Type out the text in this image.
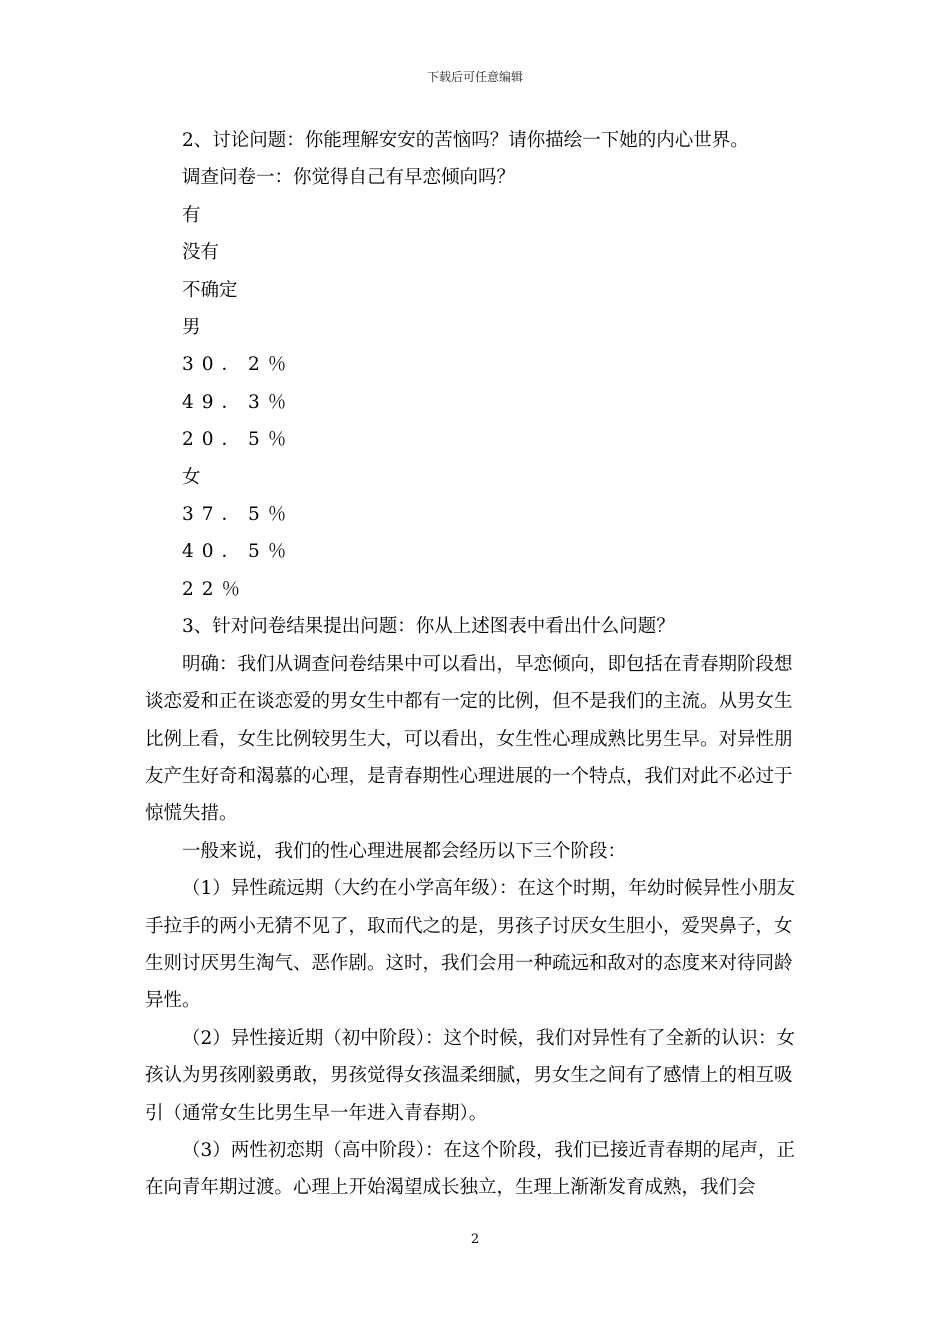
下载后可任意编辑

2、讨论问题：你能理解安安的苦恼吗？请你描绘一下她的内心世界。

调查问卷一：你觉得自己有早恋倾向吗？

有

没有

不确定

男

30．2％

49．3％

20．5％

女

37．5％

40．5％

22％

3、针对问卷结果提出问题：你从上述图表中看出什么问题？

明确：我们从调查问卷结果中可以看出，早恋倾向，即包括在青春期阶段想谈恋爱和正在谈恋爱的男女生中都有一定的比例，但不是我们的主流。从男女生比例上看，女生比例较男生大，可以看出，女生性心理成熟比男生早。对异性朋友产生好奇和渴慕的心理，是青春期性心理进展的一个特点，我们对此不必过于惊慌失措。

一般来说，我们的性心理进展都会经历以下三个阶段：

（1）异性疏远期（大约在小学高年级）：在这个时期，年幼时候异性小朋友手拉手的两小无猜不见了，取而代之的是，男孩子讨厌女生胆小，爱哭鼻子，女生则讨厌男生淘气、恶作剧。这时，我们会用一种疏远和敌对的态度来对待同龄异性。

（2）异性接近期（初中阶段）：这个时候，我们对异性有了全新的认识：女孩认为男孩刚毅勇敢，男孩觉得女孩温柔细腻，男女生之间有了感情上的相互吸引（通常女生比男生早一年进入青春期）。

（3）两性初恋期（高中阶段）：在这个阶段，我们已接近青春期的尾声，正在向青年期过渡。心理上开始渴望成长独立，生理上渐渐发育成熟，我们会

2
